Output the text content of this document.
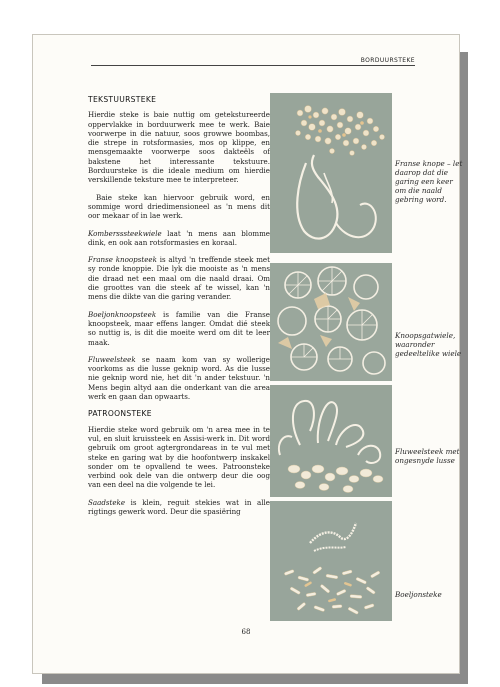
BORDUURSTEKE
TEKSTUURSTEKE

Hierdie steke is baie nuttig om getekstureerde oppervlakke in borduurwerk mee te werk. Baie voorwerpe in die natuur, soos growwe boombas, die strepe in rotsformasies, mos op klippe, en mensgemaakte voorwerpe soos dakteëls of bakstene het interessante tekstuure. Borduursteke is die ideale medium om hierdie verskillende teksture mee te interpreteer.

Baie steke kan hiervoor gebruik word, en sommige word driedimensioneel as 'n mens dit oor mekaar of in lae werk.

Kombersssteekwiele laat 'n mens aan blomme dink, en ook aan rotsformasies en koraal.

Franse knoopsteek is altyd 'n treffende steek met sy ronde knoppie. Die lyk die mooiste as 'n mens die draad net een maal om die naald draai. Om die groottes van die steek af te wissel, kan 'n mens die dikte van die garing verander.

Boeljonknoopsteek is familie van die Franse knoopsteek, maar effens langer. Omdat dié steek so nuttig is, is dit die moeite werd om dit te leer maak.

Fluweelsteek se naam kom van sy wollerige voorkoms as die lusse geknip word. As die lusse nie geknip word nie, het dit 'n ander tekstuur. 'n Mens begin altyd aan die onderkant van die area werk en gaan dan opwaarts.

PATROONSTEKE

Hierdie steke word gebruik om 'n area mee in te vul, en sluit kruissteek en Assisi-werk in. Dit word gebruik om groot agtergrondareas in te vul met steke en garing wat by die hoofontwerp inskakel sonder om te opvallend te wees. Patroonsteke verbind ook dele van die ontwerp deur die oog van een deel na die volgende te lei.

Saadsteke is klein, reguit stekies wat in alle rigtings gewerk word. Deur die spasiëring

Franse knope – let daarop dat die garing een keer om die naald gebring word.
Knoopsgatwiele, waaronder gedeeltelike wiele
Fluweelsteek met ongesnyde lusse
Boeljonsteke
68
